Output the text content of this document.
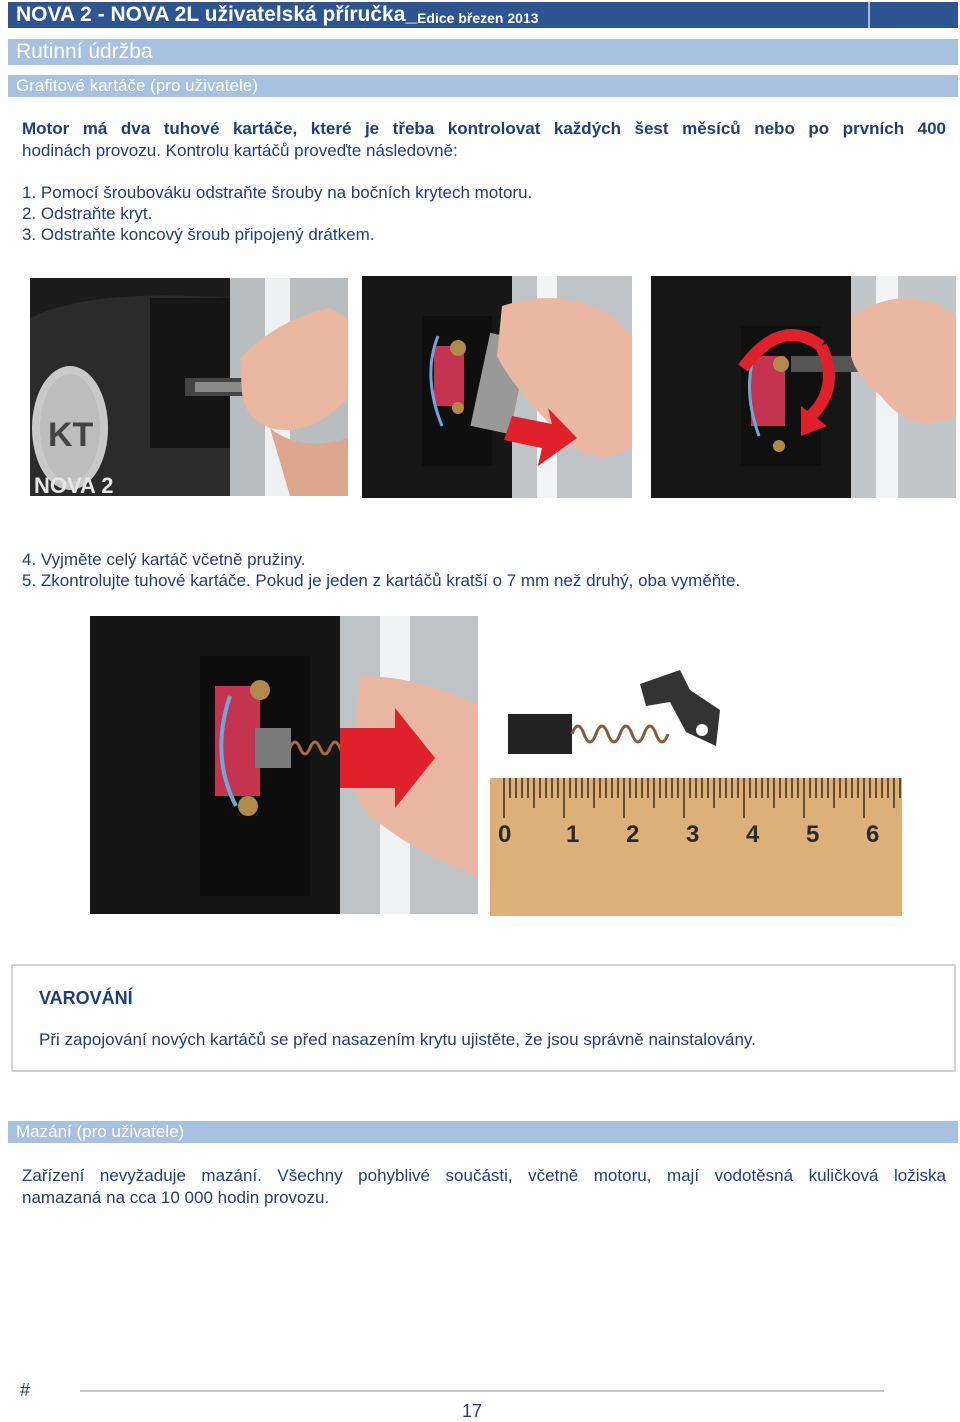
NOVA 2 - NOVA 2L uživatelská příručka_ Edice březen 2013
Rutinní údržba
Grafitové kartáče (pro uživatele)
Motor má dva tuhové kartáče, které je třeba kontrolovat každých šest měsíců nebo po prvních 400
hodinách provozu. Kontrolu kartáčů proveďte následovně:
1. Pomocí šroubováku odstraňte šrouby na bočních krytech motoru.
2. Odstraňte kryt.
3. Odstraňte koncový šroub připojený drátkem.
KT
NOVA 2
4. Vyjměte celý kartáč včetně pružiny.
5. Zkontrolujte tuhové kartáče. Pokud je jeden z kartáčů kratší o 7 mm než druhý, oba vyměňte.
0 1 2 3 4 5 6
VAROVÁNÍ
Při zapojování nových kartáčů se před nasazením krytu ujistěte, že jsou správně nainstalovány.
Mazání (pro uživatele)
Zařízení nevyžaduje mazání. Všechny pohyblivé součásti, včetně motoru, mají vodotěsná kuličková ložiska
namazaná na cca 10 000 hodin provozu.
#
17
